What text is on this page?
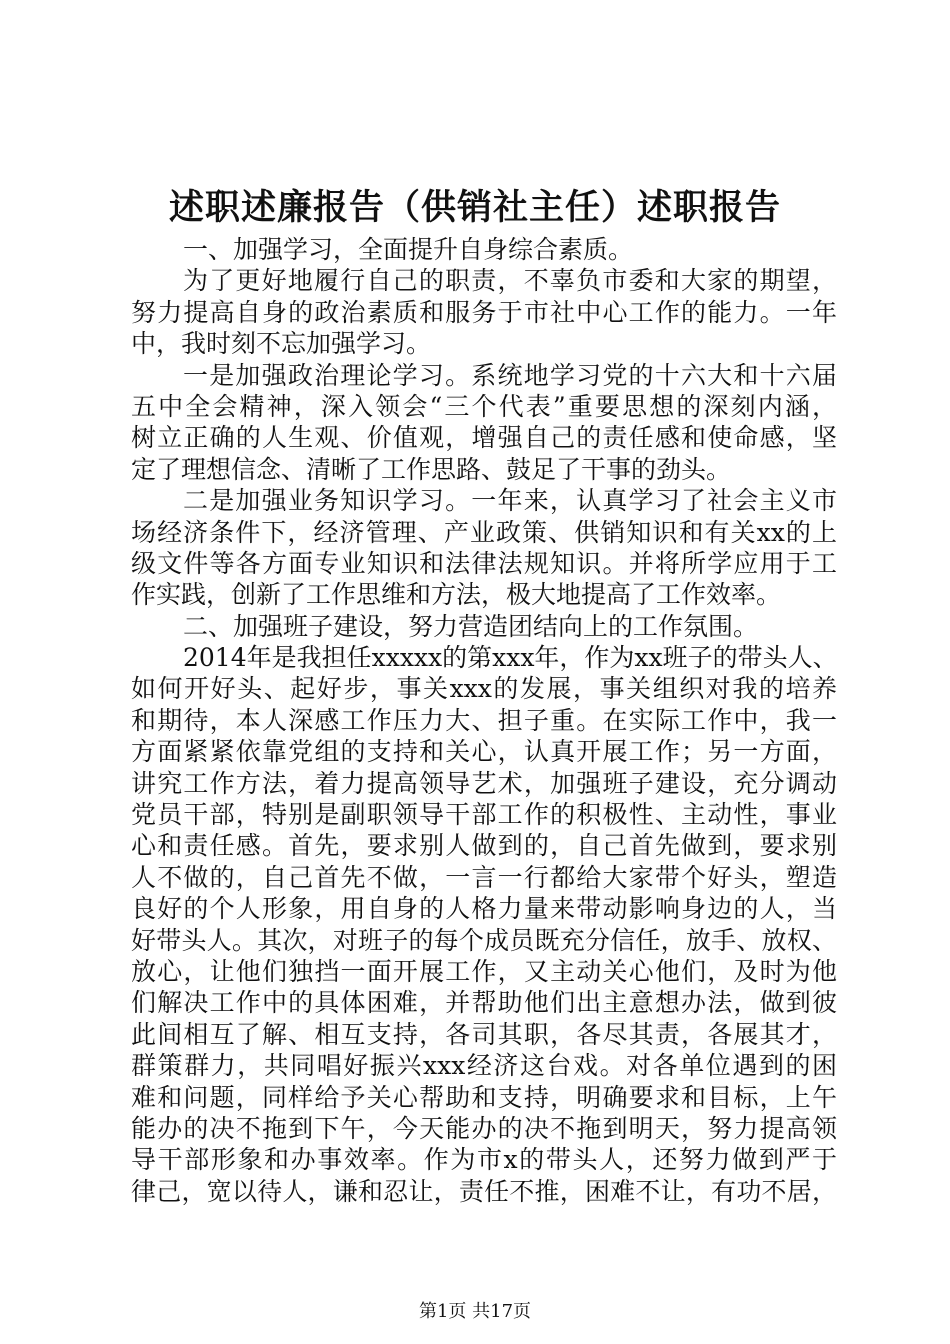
述职述廉报告（供销社主任）述职报告
一、加强学习，全面提升自身综合素质。
为了更好地履行自己的职责，不辜负市委和大家的期望，
努力提高自身的政治素质和服务于市社中心工作的能力。一年
中，我时刻不忘加强学习。
一是加强政治理论学习。系统地学习党的十六大和十六届
五中全会精神，深入领会“三个代表”重要思想的深刻内涵，
树立正确的人生观、价值观，增强自己的责任感和使命感，坚
定了理想信念、清晰了工作思路、鼓足了干事的劲头。
二是加强业务知识学习。一年来，认真学习了社会主义市
场经济条件下，经济管理、产业政策、供销知识和有关xx的上
级文件等各方面专业知识和法律法规知识。并将所学应用于工
作实践，创新了工作思维和方法，极大地提高了工作效率。
二、加强班子建设，努力营造团结向上的工作氛围。
2014年是我担任xxxxx的第xxx年，作为xx班子的带头人、
如何开好头、起好步，事关xxx的发展，事关组织对我的培养
和期待，本人深感工作压力大、担子重。在实际工作中，我一
方面紧紧依靠党组的支持和关心，认真开展工作；另一方面，
讲究工作方法，着力提高领导艺术，加强班子建设，充分调动
党员干部，特别是副职领导干部工作的积极性、主动性，事业
心和责任感。首先，要求别人做到的，自己首先做到，要求别
人不做的，自己首先不做，一言一行都给大家带个好头，塑造
良好的个人形象，用自身的人格力量来带动影响身边的人，当
好带头人。其次，对班子的每个成员既充分信任，放手、放权、
放心，让他们独挡一面开展工作，又主动关心他们，及时为他
们解决工作中的具体困难，并帮助他们出主意想办法，做到彼
此间相互了解、相互支持，各司其职，各尽其责，各展其才，
群策群力，共同唱好振兴xxx经济这台戏。对各单位遇到的困
难和问题，同样给予关心帮助和支持，明确要求和目标，上午
能办的决不拖到下午，今天能办的决不拖到明天，努力提高领
导干部形象和办事效率。作为市x的带头人，还努力做到严于
律己，宽以待人，谦和忍让，责任不推，困难不让，有功不居，
第1页 共17页
